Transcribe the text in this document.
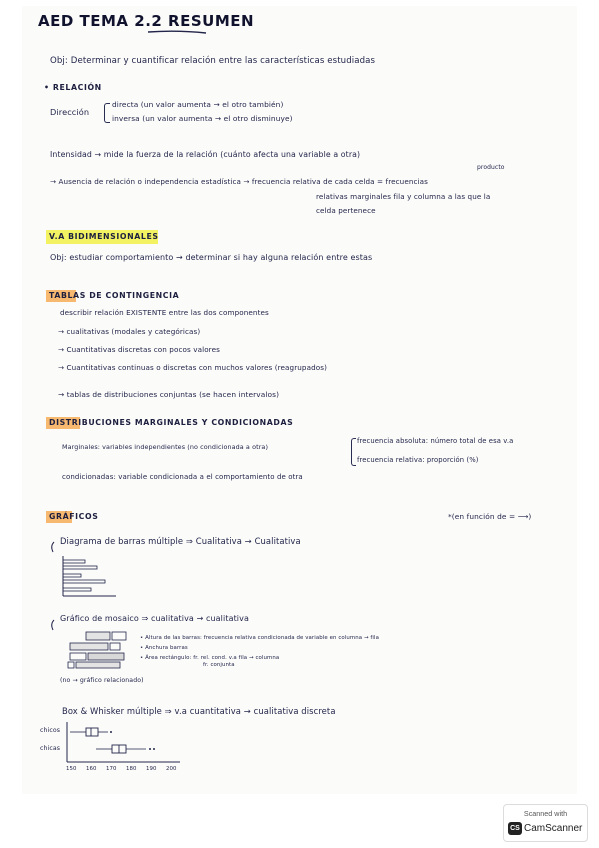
AED TEMA 2.2 RESUMEN
Obj: Determinar y cuantificar relación entre las características estudiadas
• RELACIÓN
Dirección
directa (un valor aumenta → el otro también)
inversa (un valor aumenta → el otro disminuye)
Intensidad → mide la fuerza de la relación (cuánto afecta una variable a otra)
producto
→ Ausencia de relación o independencia estadística → frecuencia relativa de cada celda = frecuencias
relativas marginales fila y columna a las que la
celda pertenece
V.A BIDIMENSIONALES
Obj: estudiar comportamiento → determinar si hay alguna relación entre estas
TABLAS DE CONTINGENCIA
describir relación EXISTENTE entre las dos componentes
→ cualitativas (modales y categóricas)
→ Cuantitativas discretas con pocos valores
→ Cuantitativas continuas o discretas con muchos valores (reagrupados)
→ tablas de distribuciones conjuntas (se hacen intervalos)
DISTRIBUCIONES MARGINALES Y CONDICIONADAS
Marginales: variables independientes (no condicionada a otra)
frecuencia absoluta: número total de esa v.a
frecuencia relativa: proporción (%)
condicionadas: variable condicionada a el comportamiento de otra
GRÁFICOS	*(en función de = ⟶)
Diagrama de barras múltiple ⇒ Cualitativa → Cualitativa
Gráfico de mosaico ⇒ cualitativa → cualitativa
• Altura de las barras: frecuencia relativa condicionada de variable en columna → fila
• Anchura barras
• Área rectángulo: fr. rel. cond. v.a fila → columna
fr. conjunta
(no → gráfico relacionado)
Box & Whisker múltiple ⇒ v.a cuantitativa → cualitativa discreta
chicos
chicas
150 160 170 180 190 200
Scanned with
CS CamScanner
